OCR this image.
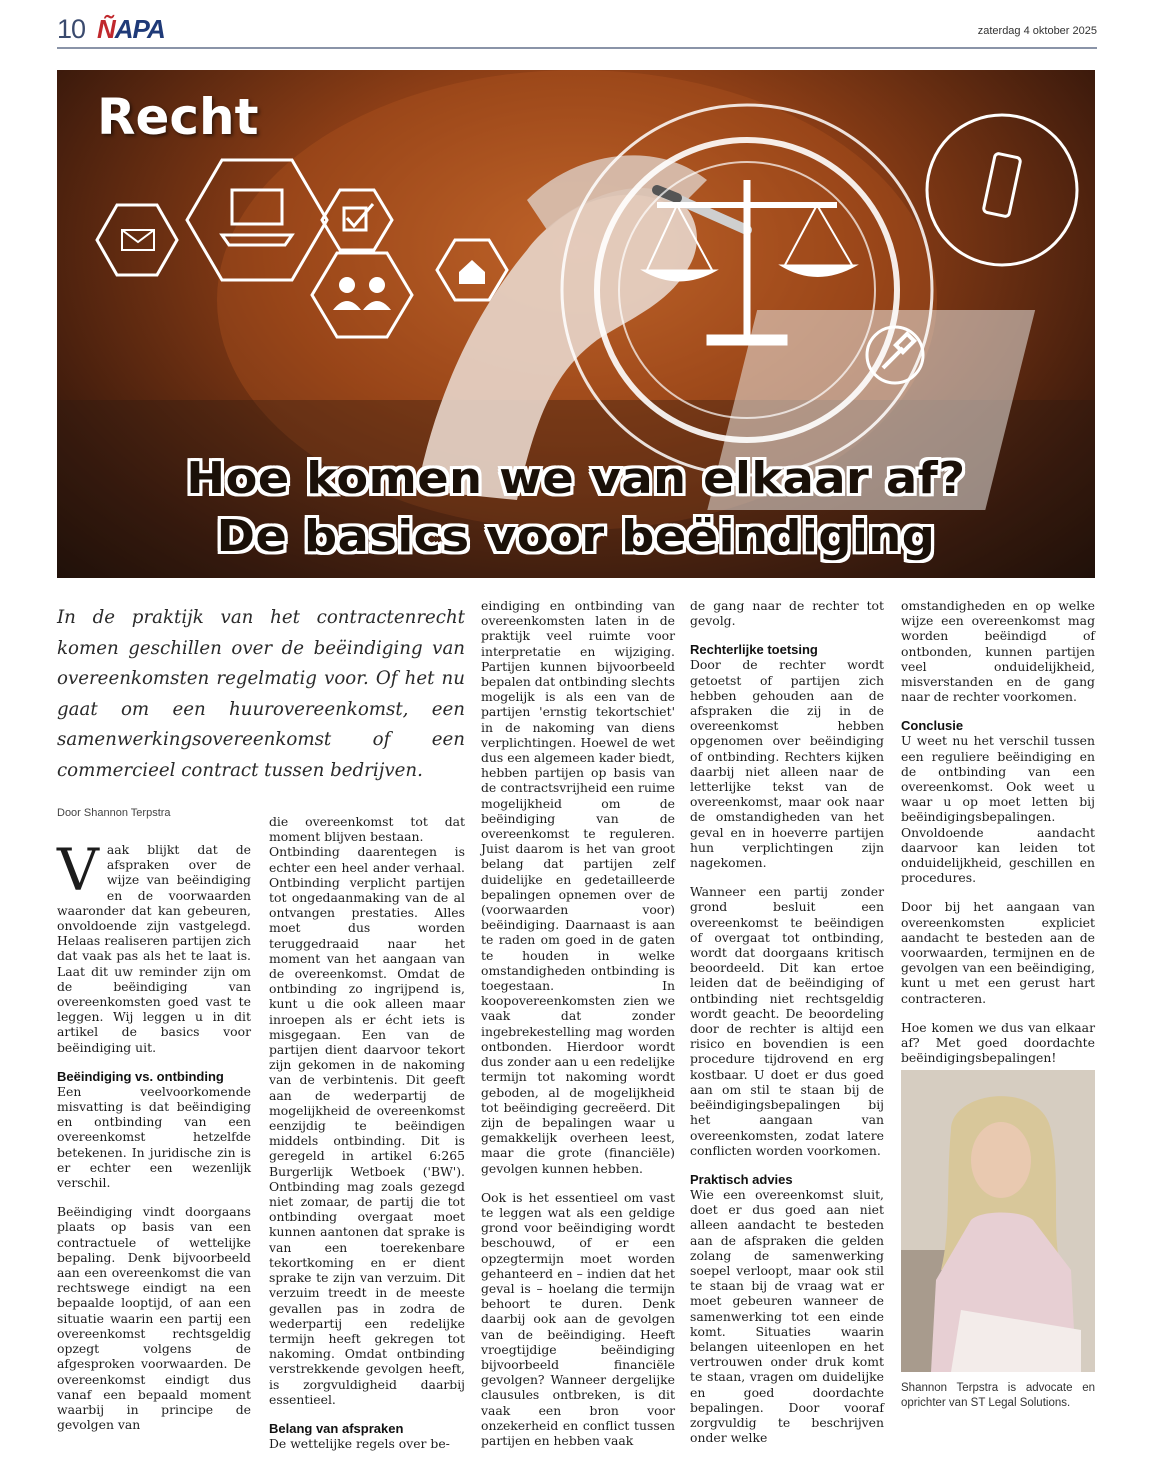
10 ÑAPA	zaterdag 4 oktober 2025
Recht
Hoe komen we van elkaar af?
De basics voor beëindiging
In de praktijk van het contractenrecht komen geschillen over de beëindiging van overeenkomsten regelmatig voor. Of het nu gaat om een huurovereenkomst, een samenwerkingsovereenkomst of een commercieel contract tussen bedrijven.
Door Shannon Terpstra

Vaak blijkt dat de afspraken over de wijze van beëindiging en de voorwaarden waaronder dat kan gebeuren, onvoldoende zijn vastgelegd. Helaas realiseren partijen zich dat vaak pas als het te laat is. Laat dit uw reminder zijn om de beëindiging van overeenkomsten goed vast te leggen. Wij leggen u in dit artikel de basics voor beëindiging uit.

Beëindiging vs. ontbinding

Een veelvoorkomende misvatting is dat beëindiging en ontbinding van een overeenkomst hetzelfde betekenen. In juridische zin is er echter een wezenlijk verschil.

Beëindiging vindt doorgaans plaats op basis van een contractuele of wettelijke bepaling. Denk bijvoorbeeld aan een overeenkomst die van rechtswege eindigt na een bepaalde looptijd, of aan een situatie waarin een partij een overeenkomst rechtsgeldig opzegt volgens de afgesproken voorwaarden. De overeenkomst eindigt dus vanaf een bepaald moment waarbij in principe de gevolgen van

die overeenkomst tot dat moment blijven bestaan.

Ontbinding daarentegen is echter een heel ander verhaal. Ontbinding verplicht partijen tot ongedaanmaking van de al ontvangen prestaties. Alles moet dus worden teruggedraaid naar het moment van het aangaan van de overeenkomst. Omdat de ontbinding zo ingrijpend is, kunt u die ook alleen maar inroepen als er écht iets is misgegaan. Een van de partijen dient daarvoor tekort zijn gekomen in de nakoming van de verbintenis. Dit geeft aan de wederpartij de mogelijkheid de overeenkomst eenzijdig te beëindigen middels ontbinding. Dit is geregeld in artikel 6:265 Burgerlijk Wetboek ('BW'). Ontbinding mag zoals gezegd niet zomaar, de partij die tot ontbinding overgaat moet kunnen aantonen dat sprake is van een toerekenbare tekortkoming en er dient sprake te zijn van verzuim. Dit verzuim treedt in de meeste gevallen pas in zodra de wederpartij een redelijke termijn heeft gekregen tot nakoming. Omdat ontbinding verstrekkende gevolgen heeft, is zorgvuldigheid daarbij essentieel.

Belang van afspraken

De wettelijke regels over be-

eindiging en ontbinding van overeenkomsten laten in de praktijk veel ruimte voor interpretatie en wijziging. Partijen kunnen bijvoorbeeld bepalen dat ontbinding slechts mogelijk is als een van de partijen 'ernstig tekortschiet' in de nakoming van diens verplichtingen. Hoewel de wet dus een algemeen kader biedt, hebben partijen op basis van de contractsvrijheid een ruime mogelijkheid om de beëindiging van de overeenkomst te reguleren. Juist daarom is het van groot belang dat partijen zelf duidelijke en gedetailleerde bepalingen opnemen over de (voorwaarden voor) beëindiging. Daarnaast is aan te raden om goed in de gaten te houden in welke omstandigheden ontbinding is toegestaan. In koopovereenkomsten zien we vaak dat zonder ingebrekestelling mag worden ontbonden. Hierdoor wordt dus zonder aan u een redelijke termijn tot nakoming wordt geboden, al de mogelijkheid tot beëindiging gecreëerd. Dit zijn de bepalingen waar u gemakkelijk overheen leest, maar die grote (financiële) gevolgen kunnen hebben.

Ook is het essentieel om vast te leggen wat als een geldige grond voor beëindiging wordt beschouwd, of er een opzegtermijn moet worden gehanteerd en – indien dat het geval is – hoelang die termijn behoort te duren. Denk daarbij ook aan de gevolgen van de beëindiging. Heeft vroegtijdige beëindiging bijvoorbeeld financiële gevolgen? Wanneer dergelijke clausules ontbreken, is dit vaak een bron voor onzekerheid en conflict tussen partijen en hebben vaak

de gang naar de rechter tot gevolg.

Rechterlijke toetsing

Door de rechter wordt getoetst of partijen zich hebben gehouden aan de afspraken die zij in de overeenkomst hebben opgenomen over beëindiging of ontbinding. Rechters kijken daarbij niet alleen naar de letterlijke tekst van de overeenkomst, maar ook naar de omstandigheden van het geval en in hoeverre partijen hun verplichtingen zijn nagekomen.

Wanneer een partij zonder grond besluit een overeenkomst te beëindigen of overgaat tot ontbinding, wordt dat doorgaans kritisch beoordeeld. Dit kan ertoe leiden dat de beëindiging of ontbinding niet rechtsgeldig wordt geacht. De beoordeling door de rechter is altijd een risico en bovendien is een procedure tijdrovend en erg kostbaar. U doet er dus goed aan om stil te staan bij de beëindigingsbepalingen bij het aangaan van overeenkomsten, zodat latere conflicten worden voorkomen.

Praktisch advies

Wie een overeenkomst sluit, doet er dus goed aan niet alleen aandacht te besteden aan de afspraken die gelden zolang de samenwerking soepel verloopt, maar ook stil te staan bij de vraag wat er moet gebeuren wanneer de samenwerking tot een einde komt. Situaties waarin belangen uiteenlopen en het vertrouwen onder druk komt te staan, vragen om duidelijke en goed doordachte bepalingen. Door vooraf zorgvuldig te beschrijven onder welke

omstandigheden en op welke wijze een overeenkomst mag worden beëindigd of ontbonden, kunnen partijen veel onduidelijkheid, misverstanden en de gang naar de rechter voorkomen.

Conclusie

U weet nu het verschil tussen een reguliere beëindiging en de ontbinding van een overeenkomst. Ook weet u waar u op moet letten bij beëindigingsbepalingen. Onvoldoende aandacht daarvoor kan leiden tot onduidelijkheid, geschillen en procedures.

Door bij het aangaan van overeenkomsten expliciet aandacht te besteden aan de voorwaarden, termijnen en de gevolgen van een beëindiging, kunt u met een gerust hart contracteren.

Hoe komen we dus van elkaar af? Met goed doordachte beëindigingsbepalingen!

Shannon Terpstra is advocate en oprichter van ST Legal Solutions.
